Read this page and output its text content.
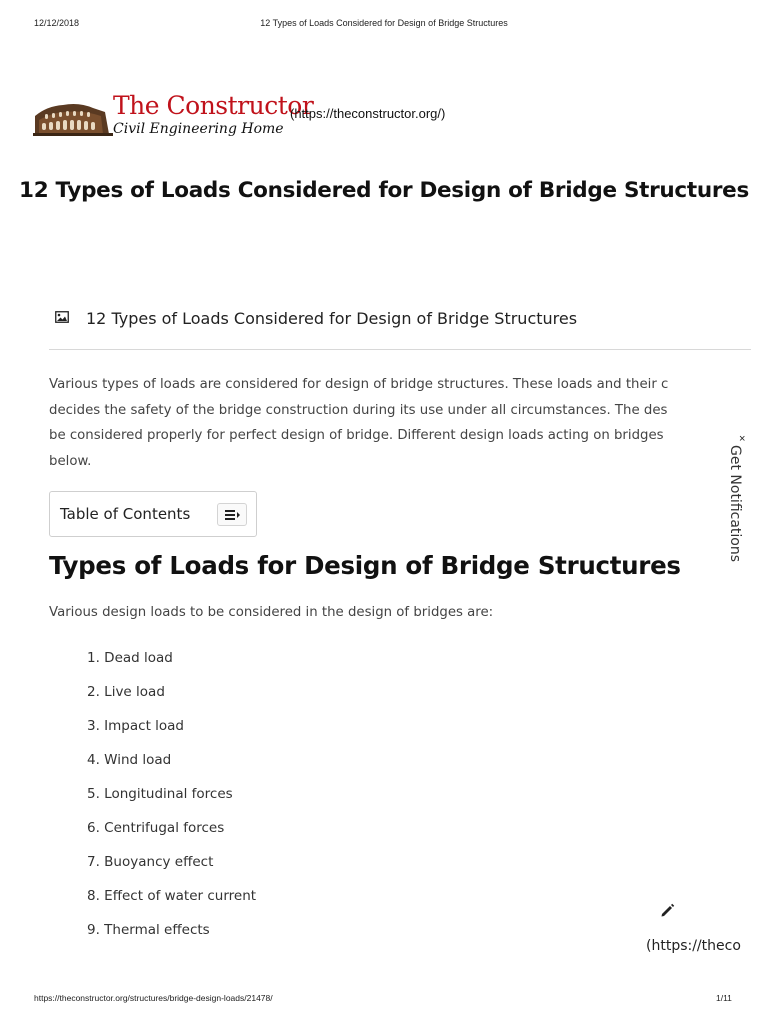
12/12/2018	12 Types of Loads Considered for Design of Bridge Structures
The Constructor
Civil Engineering Home
(https://theconstructor.org/)
12 Types of Loads Considered for Design of Bridge Structures
12 Types of Loads Considered for Design of Bridge Structures
Various types of loads are considered for design of bridge structures. These loads and their c
decides the safety of the bridge construction during its use under all circumstances. The des
be considered properly for perfect design of bridge. Different design loads acting on bridges
below.
Table of Contents
Types of Loads for Design of Bridge Structures

Various design loads to be considered in the design of bridges are:

1. Dead load
2. Live load
3. Impact load
4. Wind load
5. Longitudinal forces
6. Centrifugal forces
7. Buoyancy effect
8. Effect of water current
9. Thermal effects
×
Get Notifications
(https://theco
https://theconstructor.org/structures/bridge-design-loads/21478/	1/11
